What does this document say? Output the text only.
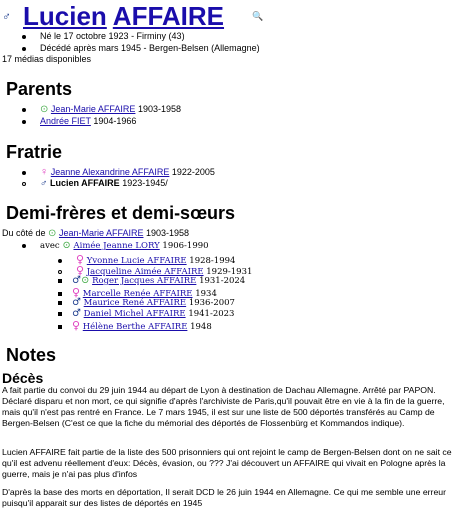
♂ Lucien AFFAIRE	🔍
Né le 17 octobre 1923 - Firminy (43)
Décédé après mars 1945 - Bergen-Belsen (Allemagne)
17 médias disponibles
Parents
⊙ Jean-Marie AFFAIRE 1903-1958
Andrée FIET 1904-1966
Fratrie
♀ Jeanne Alexandrine AFFAIRE 1922-2005
♂ Lucien AFFAIRE 1923-1945/
Demi-frères et demi-sœurs
Du côté de ⊙ Jean-Marie AFFAIRE 1903-1958
avec ⊙ Aimée Jeanne LORY 1906-1990
♀ Yvonne Lucie AFFAIRE 1928-1994
♀ Jacqueline Aimée AFFAIRE 1929-1931
♂⊙ Roger Jacques AFFAIRE 1931-2024
♀ Marcelle Renée AFFAIRE 1934
♂ Maurice René AFFAIRE 1936-2007
♂ Daniel Michel AFFAIRE 1941-2023
♀ Hélène Berthe AFFAIRE 1948
Notes
Décès

A fait partie du convoi du 29 juin 1944 au départ de Lyon à destination de Dachau Allemagne. Arrêté par PAPON. Déclaré disparu et non mort, ce qui signifie d'après l'archiviste de Paris,qu'il pouvait être en vie à la fin de la guerre, mais qu'il n'est pas rentré en France. Le 7 mars 1945, il est sur une liste de 500 déportés transférés au Camp de Bergen-Belsen (C'est ce que la fiche du mémorial des déportés de Flossenbürg et Kommandos indique).

Lucien AFFAIRE fait partie de la liste des 500 prisonniers qui ont rejoint le camp de Bergen-Belsen dont on ne sait ce qu'il est advenu réellement d'eux: Décès, évasion, ou ??? J'ai découvert un AFFAIRE qui vivait en Pologne après la guerre, mais je n'ai pas plus d'infos

D'après la base des morts en déportation, Il serait DCD le 26 juin 1944 en Allemagne. Ce qui me semble une erreur puisqu'il apparait sur des listes de déportés en 1945
